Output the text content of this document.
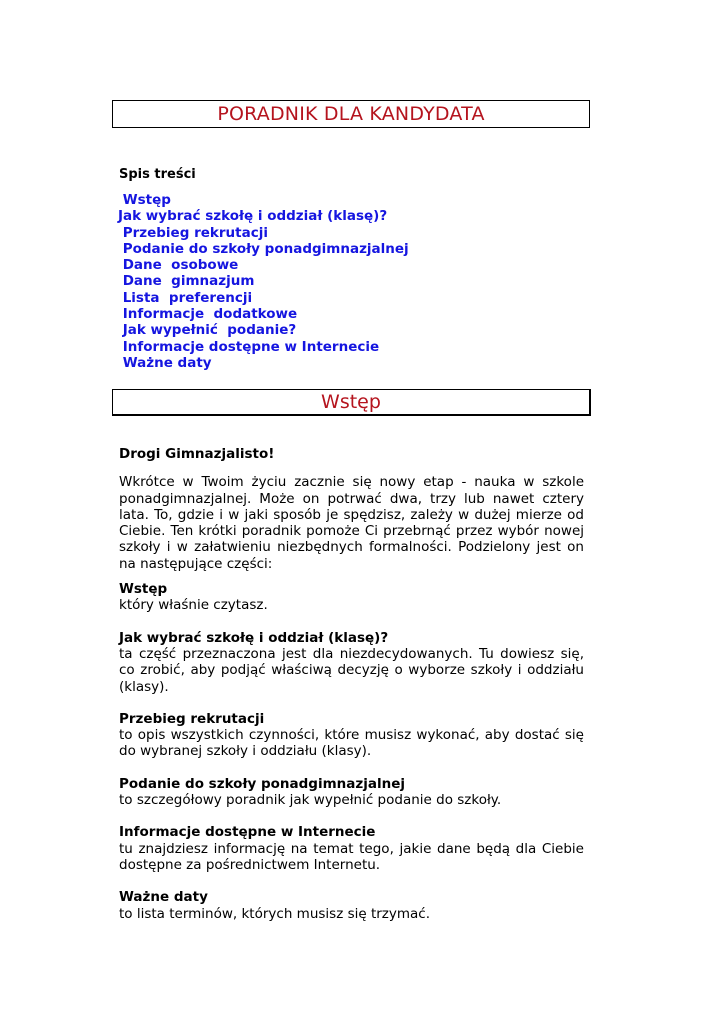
PORADNIK DLA KANDYDATA
Spis treści
Wstęp
Jak wybrać szkołę i oddział (klasę)?
Przebieg rekrutacji
Podanie do szkoły ponadgimnazjalnej
Dane  osobowe
Dane  gimnazjum
Lista  preferencji
Informacje  dodatkowe
Jak wypełnić  podanie?
Informacje dostępne w Internecie
Ważne daty
Wstęp

Drogi Gimnazjalisto!

Wkrótce w Twoim życiu zacznie się nowy etap - nauka w szkole ponadgimnazjalnej. Może on potrwać dwa, trzy lub nawet cztery lata. To, gdzie i w jaki sposób je spędzisz, zależy w dużej mierze od Ciebie. Ten krótki poradnik pomoże Ci przebrnąć przez wybór nowej szkoły i w załatwieniu niezbędnych formalności. Podzielony jest on na następujące części:

Wstęp

który właśnie czytasz.

Jak wybrać szkołę i oddział (klasę)?

ta część przeznaczona jest dla niezdecydowanych. Tu dowiesz się, co zrobić, aby podjąć właściwą decyzję o wyborze szkoły i oddziału (klasy).

Przebieg rekrutacji

to opis wszystkich czynności, które musisz wykonać, aby dostać się do wybranej szkoły i oddziału (klasy).

Podanie do szkoły ponadgimnazjalnej

to szczegółowy poradnik jak wypełnić podanie do szkoły.

Informacje dostępne w Internecie

tu znajdziesz informację na temat tego, jakie dane będą dla Ciebie dostępne za pośrednictwem Internetu.

Ważne daty

to lista terminów, których musisz się trzymać.
